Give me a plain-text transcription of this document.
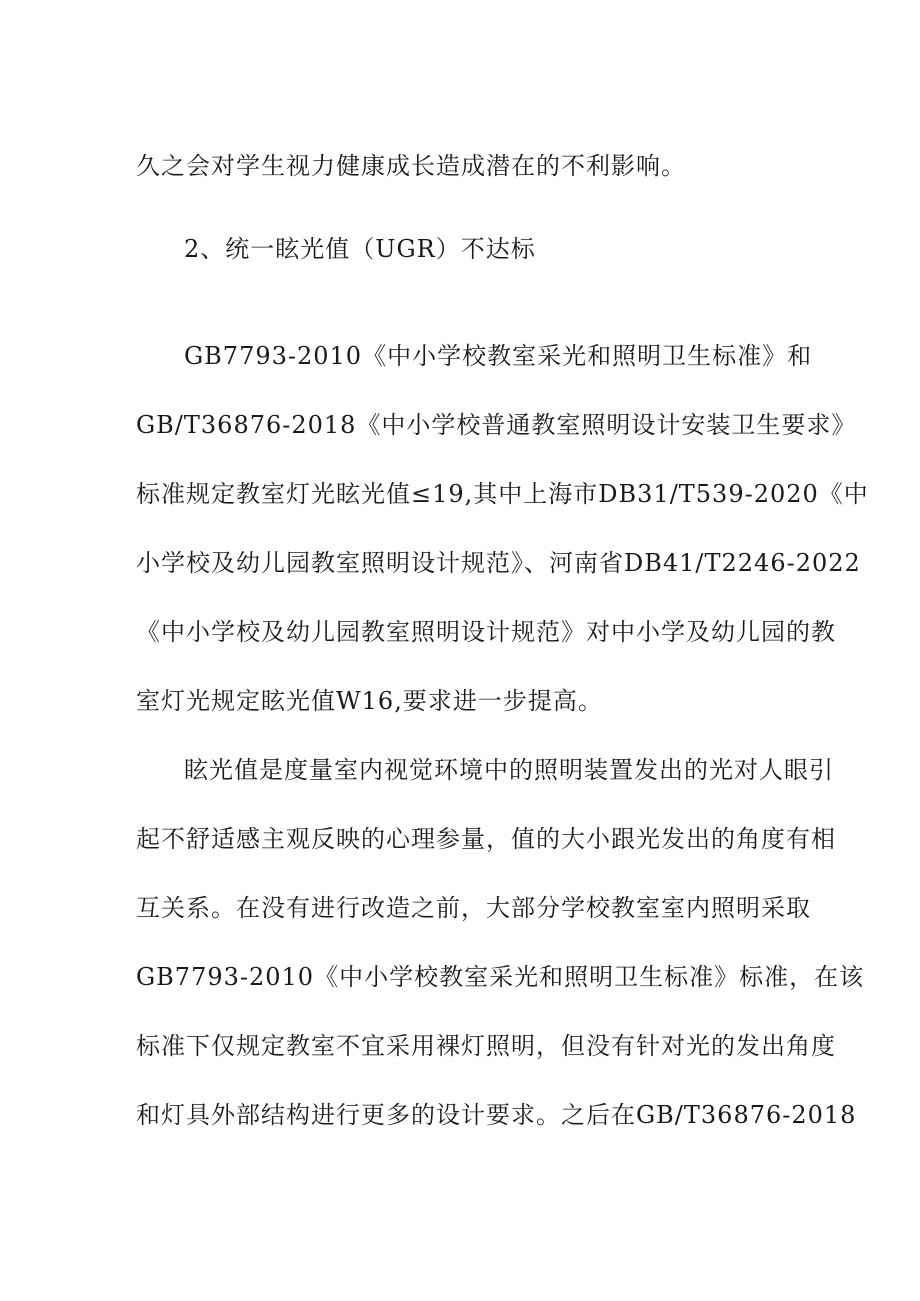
久之会对学生视力健康成长造成潜在的不利影响。
2、统一眩光值（UGR）不达标
GB7793-2010《中小学校教室采光和照明卫生标准》和
GB/T36876-2018《中小学校普通教室照明设计安装卫生要求》
标准规定教室灯光眩光值≤19,其中上海市DB31/T539-2020《中
小学校及幼儿园教室照明设计规范》、河南省DB41/T2246-2022
《中小学校及幼儿园教室照明设计规范》对中小学及幼儿园的教
室灯光规定眩光值W16,要求进一步提高。
眩光值是度量室内视觉环境中的照明装置发出的光对人眼引
起不舒适感主观反映的心理参量，值的大小跟光发出的角度有相
互关系。在没有进行改造之前，大部分学校教室室内照明采取
GB7793-2010《中小学校教室采光和照明卫生标准》标准，在该
标准下仅规定教室不宜采用裸灯照明，但没有针对光的发出角度
和灯具外部结构进行更多的设计要求。之后在GB/T36876-2018
